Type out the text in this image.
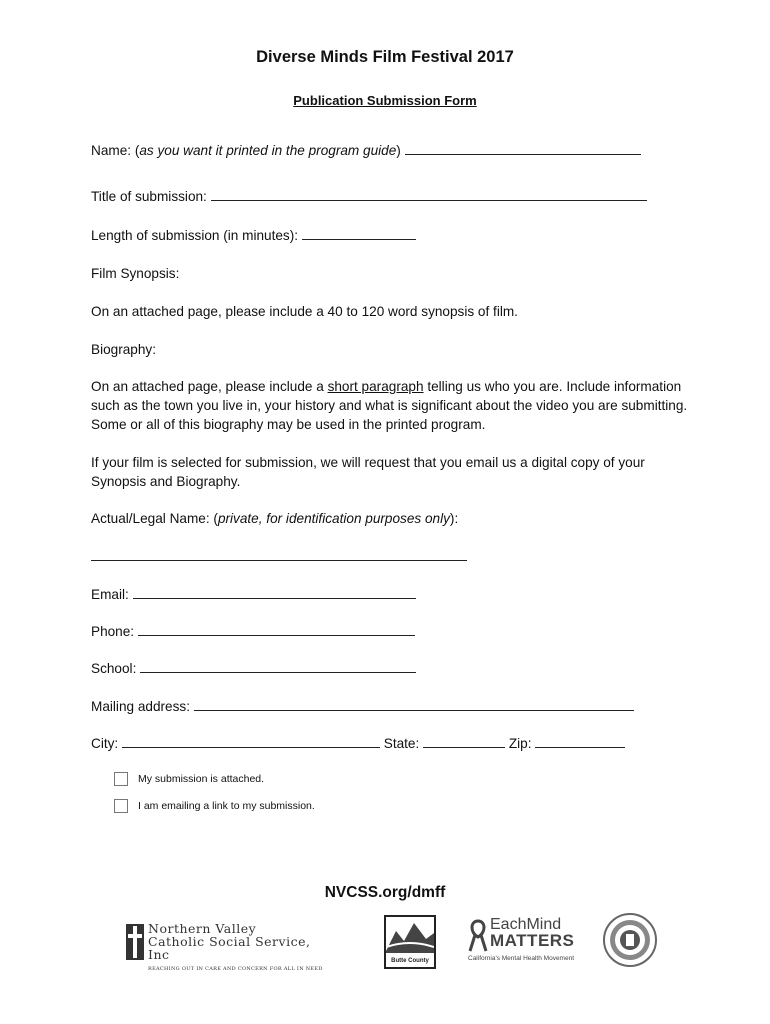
Diverse Minds Film Festival 2017
Publication Submission Form
Name: (as you want it printed in the program guide)
Title of submission:
Length of submission (in minutes):
Film Synopsis:
On an attached page, please include a 40 to 120 word synopsis of film.
Biography:
On an attached page, please include a short paragraph telling us who you are. Include information such as the town you live in, your history and what is significant about the video you are submitting. Some or all of this biography may be used in the printed program.
If your film is selected for submission, we will request that you email us a digital copy of your Synopsis and Biography.
Actual/Legal Name: (private, for identification purposes only):
Email:
Phone:
School:
Mailing address:
City:	State:	Zip:
My submission is attached.
I am emailing a link to my submission.
NVCSS.org/dmff
Northern Valley
Catholic Social Service, Inc
REACHING OUT IN CARE AND CONCERN FOR ALL IN NEED
Butte County
EachMind
MATTERS
California's Mental Health Movement
